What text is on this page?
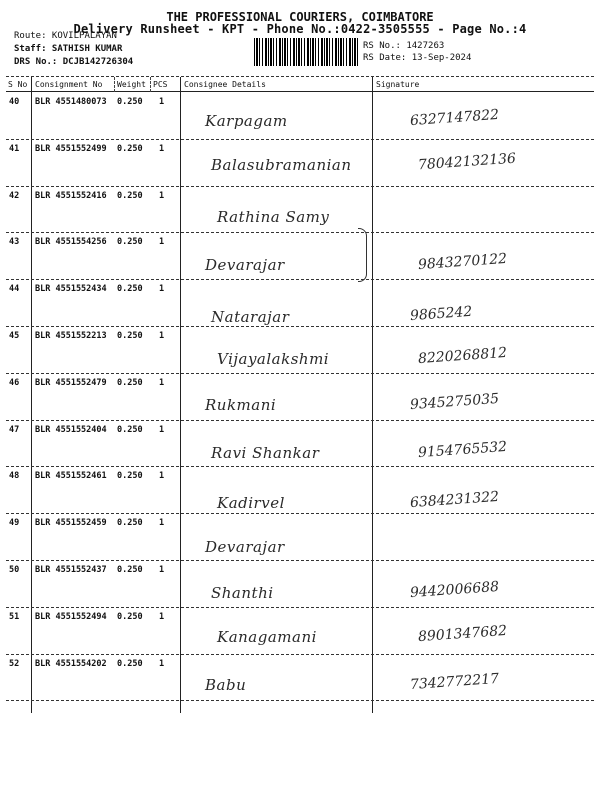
THE PROFESSIONAL COURIERS, COIMBATORE
Delivery Runsheet - KPT - Phone No.:0422-3505555 - Page No.:4
Route: KOVILPALAYAN
Staff: SATHISH KUMAR
DRS No.: DCJB142726304
RS No.: 1427263
RS Date: 13-Sep-2024
S No Consignment No Weight PCS Consignee Details	Signature
40 BLR 4551480073 0.250 1
Karpagam	6327147822
41 BLR 4551552499 0.250 1
Balasubramanian	78042132136
42 BLR 4551552416 0.250 1
Rathina Samy
43 BLR 4551554256 0.250 1
Devarajar	9843270122
44 BLR 4551552434 0.250 1
Natarajar	9865242
45 BLR 4551552213 0.250 1
Vijayalakshmi	8220268812
46 BLR 4551552479 0.250 1
Rukmani	9345275035
47 BLR 4551552404 0.250 1
Ravi Shankar	9154765532
48 BLR 4551552461 0.250 1
Kadirvel	6384231322
49 BLR 4551552459 0.250 1
Devarajar
50 BLR 4551552437 0.250 1
Shanthi	9442006688
51 BLR 4551552494 0.250 1
Kanagamani	8901347682
52 BLR 4551554202 0.250 1
Babu	7342772217
